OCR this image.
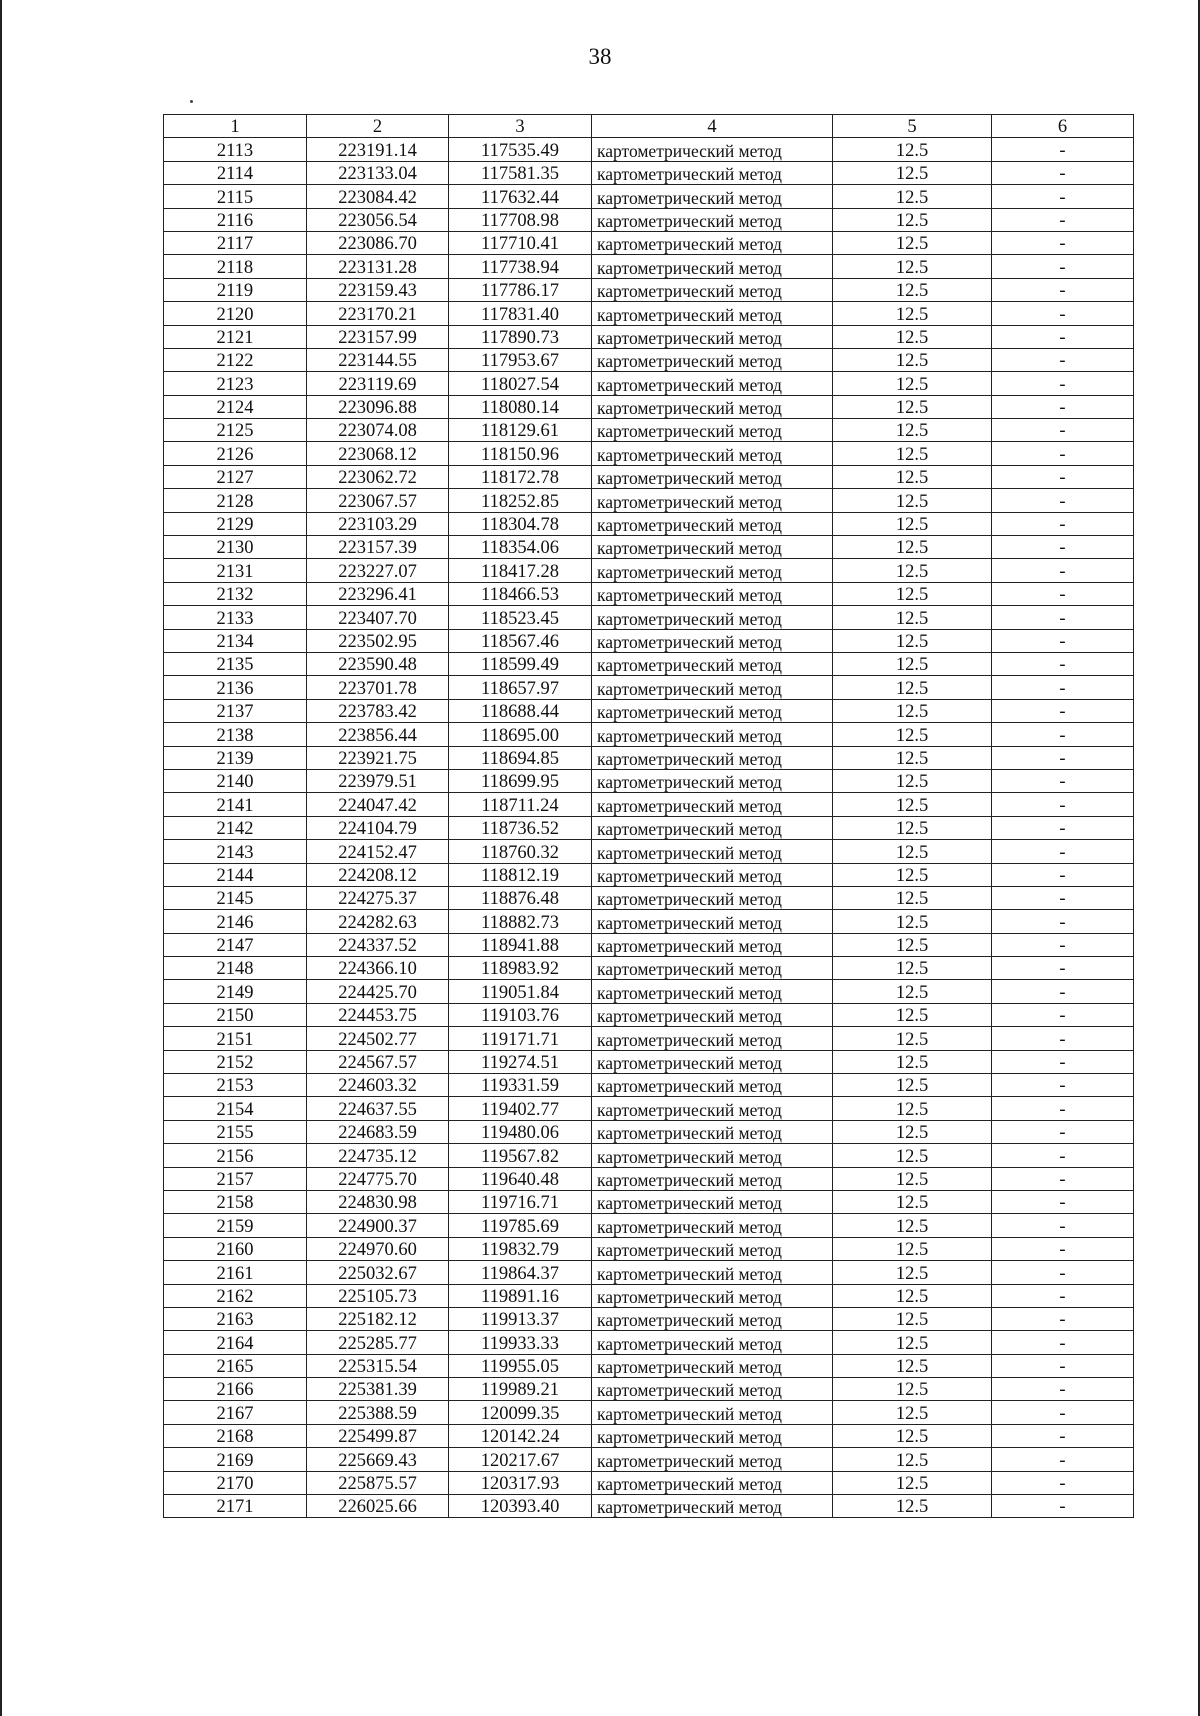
38
1	2	3	4	5	6
2113	223191.14	117535.49	картометрический метод	12.5	-
2114	223133.04	117581.35	картометрический метод	12.5	-
2115	223084.42	117632.44	картометрический метод	12.5	-
2116	223056.54	117708.98	картометрический метод	12.5	-
2117	223086.70	117710.41	картометрический метод	12.5	-
2118	223131.28	117738.94	картометрический метод	12.5	-
2119	223159.43	117786.17	картометрический метод	12.5	-
2120	223170.21	117831.40	картометрический метод	12.5	-
2121	223157.99	117890.73	картометрический метод	12.5	-
2122	223144.55	117953.67	картометрический метод	12.5	-
2123	223119.69	118027.54	картометрический метод	12.5	-
2124	223096.88	118080.14	картометрический метод	12.5	-
2125	223074.08	118129.61	картометрический метод	12.5	-
2126	223068.12	118150.96	картометрический метод	12.5	-
2127	223062.72	118172.78	картометрический метод	12.5	-
2128	223067.57	118252.85	картометрический метод	12.5	-
2129	223103.29	118304.78	картометрический метод	12.5	-
2130	223157.39	118354.06	картометрический метод	12.5	-
2131	223227.07	118417.28	картометрический метод	12.5	-
2132	223296.41	118466.53	картометрический метод	12.5	-
2133	223407.70	118523.45	картометрический метод	12.5	-
2134	223502.95	118567.46	картометрический метод	12.5	-
2135	223590.48	118599.49	картометрический метод	12.5	-
2136	223701.78	118657.97	картометрический метод	12.5	-
2137	223783.42	118688.44	картометрический метод	12.5	-
2138	223856.44	118695.00	картометрический метод	12.5	-
2139	223921.75	118694.85	картометрический метод	12.5	-
2140	223979.51	118699.95	картометрический метод	12.5	-
2141	224047.42	118711.24	картометрический метод	12.5	-
2142	224104.79	118736.52	картометрический метод	12.5	-
2143	224152.47	118760.32	картометрический метод	12.5	-
2144	224208.12	118812.19	картометрический метод	12.5	-
2145	224275.37	118876.48	картометрический метод	12.5	-
2146	224282.63	118882.73	картометрический метод	12.5	-
2147	224337.52	118941.88	картометрический метод	12.5	-
2148	224366.10	118983.92	картометрический метод	12.5	-
2149	224425.70	119051.84	картометрический метод	12.5	-
2150	224453.75	119103.76	картометрический метод	12.5	-
2151	224502.77	119171.71	картометрический метод	12.5	-
2152	224567.57	119274.51	картометрический метод	12.5	-
2153	224603.32	119331.59	картометрический метод	12.5	-
2154	224637.55	119402.77	картометрический метод	12.5	-
2155	224683.59	119480.06	картометрический метод	12.5	-
2156	224735.12	119567.82	картометрический метод	12.5	-
2157	224775.70	119640.48	картометрический метод	12.5	-
2158	224830.98	119716.71	картометрический метод	12.5	-
2159	224900.37	119785.69	картометрический метод	12.5	-
2160	224970.60	119832.79	картометрический метод	12.5	-
2161	225032.67	119864.37	картометрический метод	12.5	-
2162	225105.73	119891.16	картометрический метод	12.5	-
2163	225182.12	119913.37	картометрический метод	12.5	-
2164	225285.77	119933.33	картометрический метод	12.5	-
2165	225315.54	119955.05	картометрический метод	12.5	-
2166	225381.39	119989.21	картометрический метод	12.5	-
2167	225388.59	120099.35	картометрический метод	12.5	-
2168	225499.87	120142.24	картометрический метод	12.5	-
2169	225669.43	120217.67	картометрический метод	12.5	-
2170	225875.57	120317.93	картометрический метод	12.5	-
2171	226025.66	120393.40	картометрический метод	12.5	-
